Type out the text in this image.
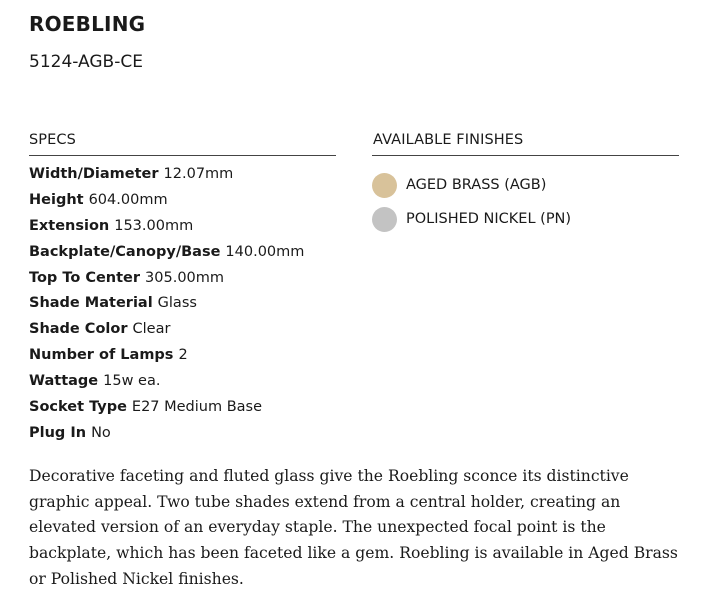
ROEBLING
5124-AGB-CE
SPECS	AVAILABLE FINISHES
Width/Diameter 12.07mm
Height 604.00mm
Extension 153.00mm
Backplate/Canopy/Base 140.00mm
Top To Center 305.00mm
Shade Material Glass
Shade Color Clear
Number of Lamps 2
Wattage 15w ea.
Socket Type E27 Medium Base
Plug In No
AGED BRASS (AGB)
POLISHED NICKEL (PN)

Decorative faceting and fluted glass give the Roebling sconce its distinctive graphic appeal. Two tube shades extend from a central holder, creating an elevated version of an everyday staple. The unexpected focal point is the backplate, which has been faceted like a gem. Roebling is available in Aged Brass or Polished Nickel finishes.
